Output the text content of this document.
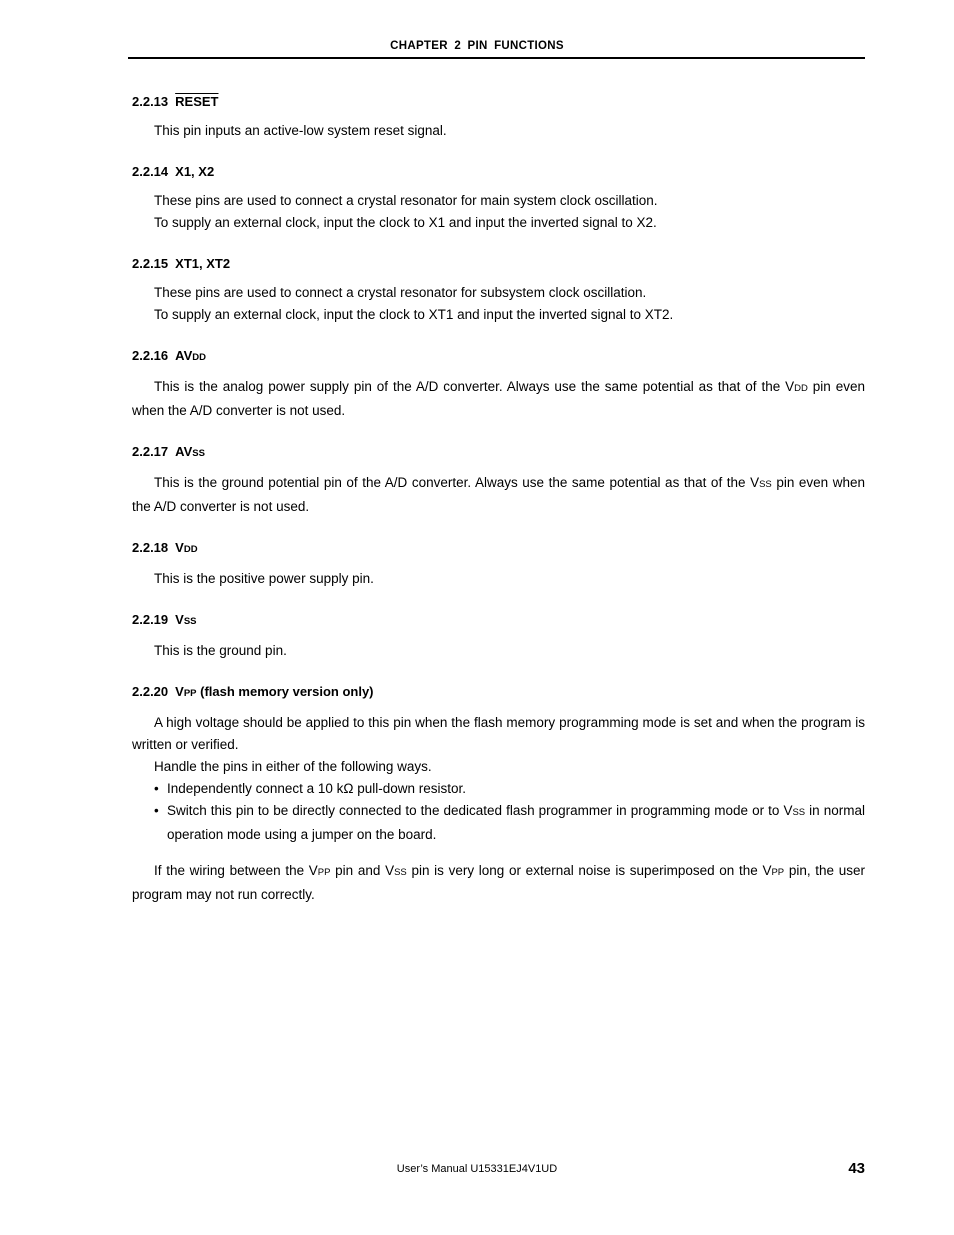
CHAPTER 2 PIN FUNCTIONS
2.2.13 RESET

This pin inputs an active-low system reset signal.

2.2.14 X1, X2

These pins are used to connect a crystal resonator for main system clock oscillation.

To supply an external clock, input the clock to X1 and input the inverted signal to X2.

2.2.15 XT1, XT2

These pins are used to connect a crystal resonator for subsystem clock oscillation.

To supply an external clock, input the clock to XT1 and input the inverted signal to XT2.

2.2.16 AVDD

This is the analog power supply pin of the A/D converter. Always use the same potential as that of the VDD pin even when the A/D converter is not used.

2.2.17 AVSS

This is the ground potential pin of the A/D converter. Always use the same potential as that of the VSS pin even when the A/D converter is not used.

2.2.18 VDD

This is the positive power supply pin.

2.2.19 VSS

This is the ground pin.

2.2.20 VPP (flash memory version only)

A high voltage should be applied to this pin when the flash memory programming mode is set and when the program is written or verified.

Handle the pins in either of the following ways.

• Independently connect a 10 kΩ pull-down resistor.
• Switch this pin to be directly connected to the dedicated flash programmer in programming mode or to VSS in normal operation mode using a jumper on the board.

If the wiring between the VPP pin and VSS pin is very long or external noise is superimposed on the VPP pin, the user program may not run correctly.

User’s Manual U15331EJ4V1UD	43
